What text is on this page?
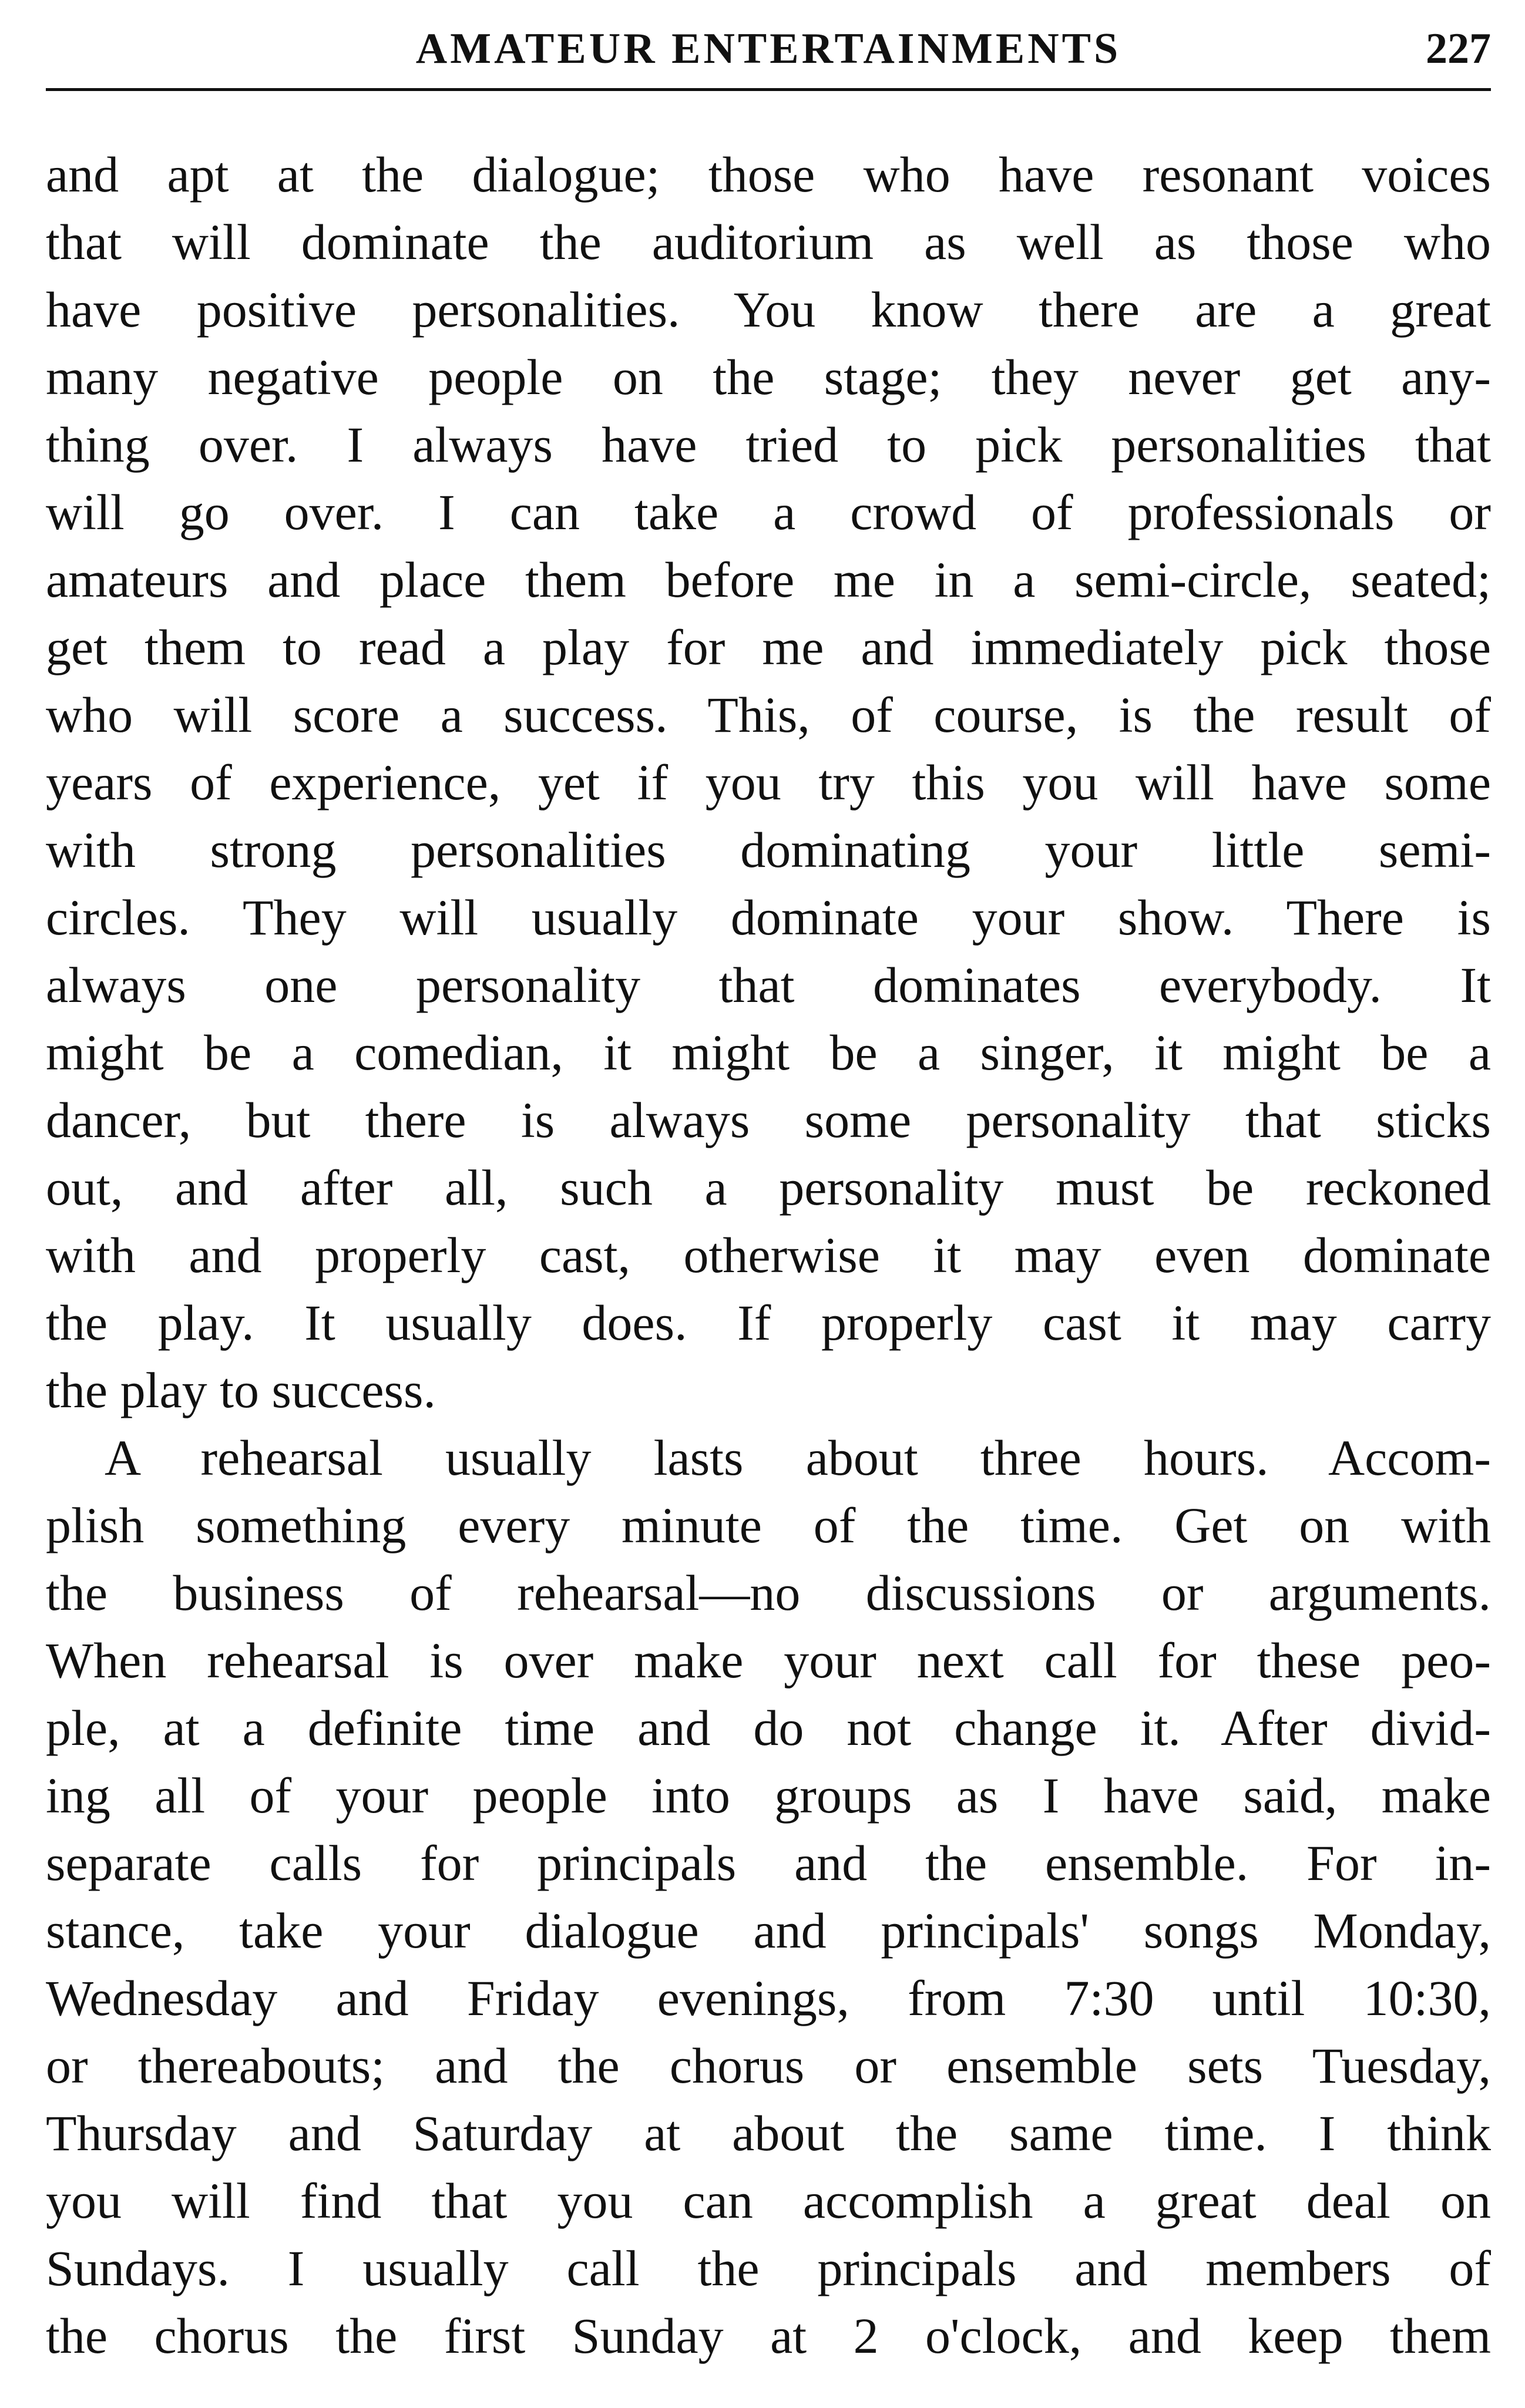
AMATEUR ENTERTAINMENTS	227
and apt at the dialogue; those who have resonant voices
that will dominate the auditorium as well as those who
have positive personalities. You know there are a great
many negative people on the stage; they never get any-
thing over. I always have tried to pick personalities that
will go over. I can take a crowd of professionals or
amateurs and place them before me in a semi-circle, seated;
get them to read a play for me and immediately pick those
who will score a success. This, of course, is the result of
years of experience, yet if you try this you will have some
with strong personalities dominating your little semi-
circles. They will usually dominate your show. There is
always one personality that dominates everybody. It
might be a comedian, it might be a singer, it might be a
dancer, but there is always some personality that sticks
out, and after all, such a personality must be reckoned
with and properly cast, otherwise it may even dominate
the play. It usually does. If properly cast it may carry
the play to success.
A rehearsal usually lasts about three hours. Accom-
plish something every minute of the time. Get on with
the business of rehearsal—no discussions or arguments.
When rehearsal is over make your next call for these peo-
ple, at a definite time and do not change it. After divid-
ing all of your people into groups as I have said, make
separate calls for principals and the ensemble. For in-
stance, take your dialogue and principals' songs Monday,
Wednesday and Friday evenings, from 7:30 until 10:30,
or thereabouts; and the chorus or ensemble sets Tuesday,
Thursday and Saturday at about the same time. I think
you will find that you can accomplish a great deal on
Sundays. I usually call the principals and members of
the chorus the first Sunday at 2 o'clock, and keep them
